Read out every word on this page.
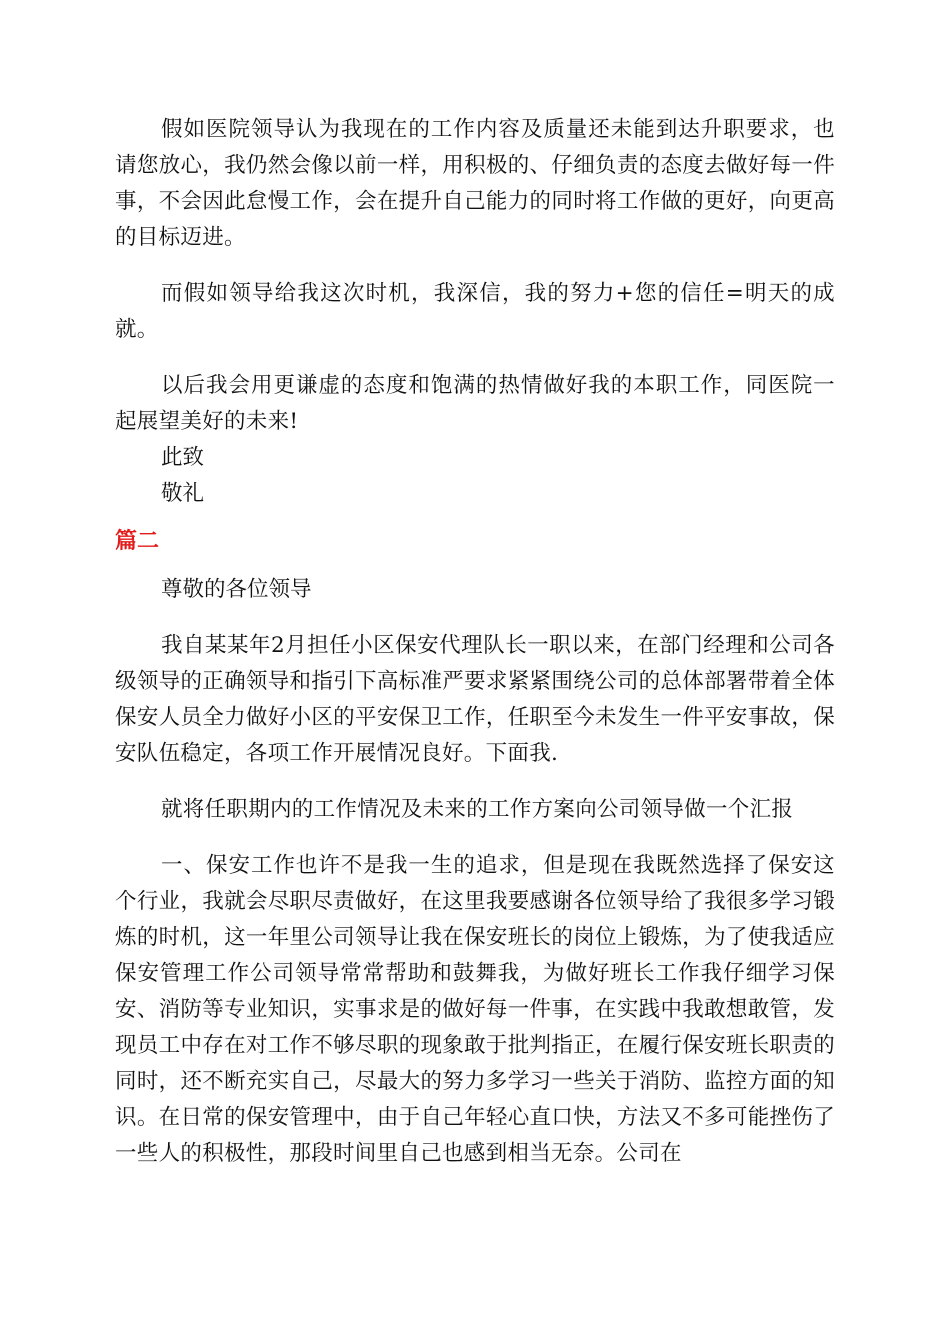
假如医院领导认为我现在的工作内容及质量还未能到达升职要求，也请您放心，我仍然会像以前一样，用积极的、仔细负责的态度去做好每一件事，不会因此怠慢工作，会在提升自己能力的同时将工作做的更好，向更高的目标迈进。

而假如领导给我这次时机，我深信，我的努力+您的信任=明天的成就。

以后我会用更谦虚的态度和饱满的热情做好我的本职工作，同医院一起展望美好的未来!

此致

敬礼

篇二

尊敬的各位领导

我自某某年2月担任小区保安代理队长一职以来，在部门经理和公司各级领导的正确领导和指引下高标准严要求紧紧围绕公司的总体部署带着全体保安人员全力做好小区的平安保卫工作，任职至今未发生一件平安事故，保安队伍稳定，各项工作开展情况良好。下面我.

就将任职期内的工作情况及未来的工作方案向公司领导做一个汇报

一、保安工作也许不是我一生的追求，但是现在我既然选择了保安这个行业，我就会尽职尽责做好，在这里我要感谢各位领导给了我很多学习锻炼的时机，这一年里公司领导让我在保安班长的岗位上锻炼，为了使我适应保安管理工作公司领导常常帮助和鼓舞我，为做好班长工作我仔细学习保安、消防等专业知识，实事求是的做好每一件事，在实践中我敢想敢管，发现员工中存在对工作不够尽职的现象敢于批判指正，在履行保安班长职责的同时，还不断充实自己，尽最大的努力多学习一些关于消防、监控方面的知识。在日常的保安管理中，由于自己年轻心直口快，方法又不多可能挫伤了一些人的积极性，那段时间里自己也感到相当无奈。公司在
